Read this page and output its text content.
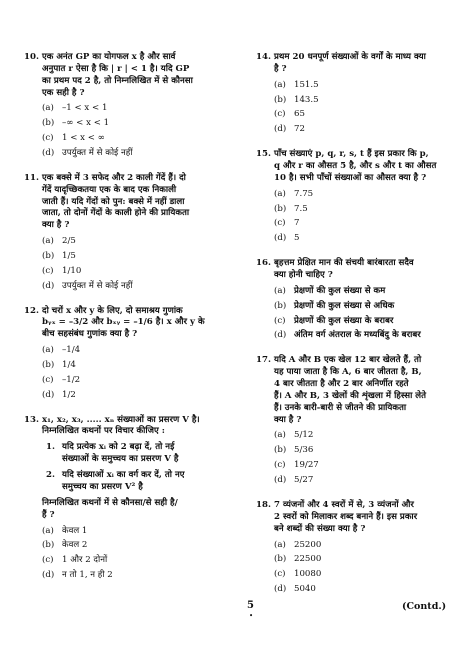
10. एक अनंत GP का योगफल x है और सार्व
अनुपात r ऐसा है कि | r | < 1 है। यदि GP
का प्रथम पद 2 है, तो निम्नलिखित में से कौनसा
एक सही है ?
(a) –1 < x < 1
(b) –∞ < x < 1
(c) 1 < x < ∞
(d) उपर्युक्त में से कोई नहीं
11. एक बक्से में 3 सफेद और 2 काली गेंदें हैं। दो
गेंदें यादृच्छिकतया एक के बाद एक निकाली
जाती हैं। यदि गेंदों को पुन: बक्से में नहीं डाला
जाता, तो दोनों गेंदों के काली होने की प्रायिकता
क्या है ?
(a) 2/5
(b) 1/5
(c) 1/10
(d) उपर्युक्त में से कोई नहीं
12. दो चरों x और y के लिए, दो समाश्रय गुणांक
bᵧₓ = –3/2 और bₓᵧ = –1/6 है। x और y के
बीच सहसंबंध गुणांक क्या है ?
(a) –1/4
(b) 1/4
(c) –1/2
(d) 1/2
13. x₁, x₂, x₃, ..... xₙ संख्याओं का प्रसरण V है।
निम्नलिखित कथनों पर विचार कीजिए :
1. यदि प्रत्येक xᵢ को 2 बढ़ा दें, तो नई
संख्याओं के समुच्चय का प्रसरण V है
2. यदि संख्याओं xᵢ का वर्ग कर दें, तो नए
समुच्चय का प्रसरण V² है
निम्नलिखित कथनों में से कौनसा/से सही है/
हैं ?
(a) केवल 1
(b) केवल 2
(c) 1 और 2 दोनों
(d) न तो 1, न ही 2
14. प्रथम 20 धनपूर्ण संख्याओं के वर्गों के माध्य क्या
है ?
(a) 151.5
(b) 143.5
(c) 65
(d) 72
15. पाँच संख्याएं p, q, r, s, t हैं इस प्रकार कि p,
q और r का औसत 5 है, और s और t का औसत
10 है। सभी पाँचों संख्याओं का औसत क्या है ?
(a) 7.75
(b) 7.5
(c) 7
(d) 5
16. बृहत्तम प्रेक्षित मान की संचयी बारंबारता सदैव
क्या होनी चाहिए ?
(a) प्रेक्षणों की कुल संख्या से कम
(b) प्रेक्षणों की कुल संख्या से अधिक
(c) प्रेक्षणों की कुल संख्या के बराबर
(d) अंतिम वर्ग अंतराल के मध्यबिंदु के बराबर
17. यदि A और B एक खेल 12 बार खेलते हैं, तो
यह पाया जाता है कि A, 6 बार जीतता है, B,
4 बार जीतता है और 2 बार अनिर्णीत रहते
हैं। A और B, 3 खेलों की शृंखला में हिस्सा लेते
हैं। उनके बारी-बारी से जीतने की प्रायिकता
क्या है ?
(a) 5/12
(b) 5/36
(c) 19/27
(d) 5/27
18. 7 व्यंजनों और 4 स्वरों में से, 3 व्यंजनों और
2 स्वरों को मिलाकर शब्द बनाने हैं। इस प्रकार
बने शब्दों की संख्या क्या है ?
(a) 25200
(b) 22500
(c) 10080
(d) 5040
5
•
(Contd.)
